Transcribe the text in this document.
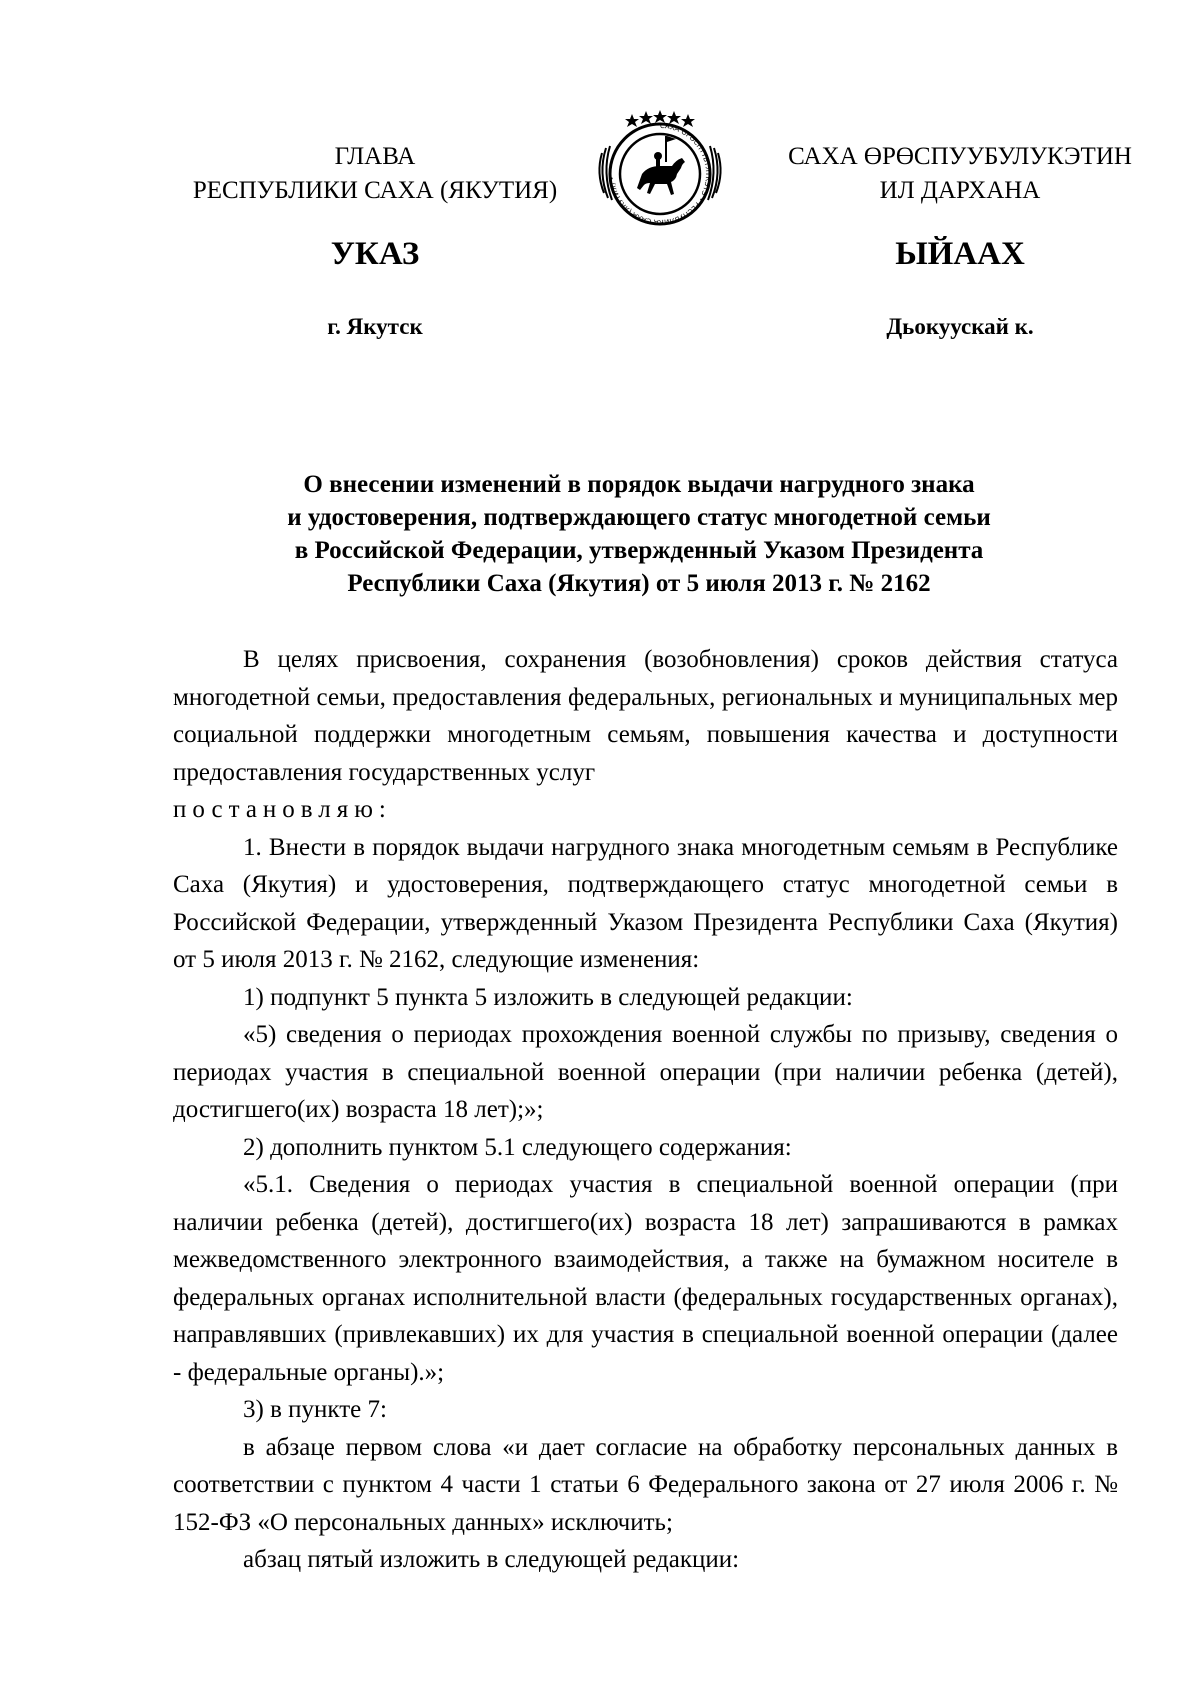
ГЛАВА
РЕСПУБЛИКИ САХА (ЯКУТИЯ)
САХА ӨРӨСПҮҮБҮЛҮКЭТЭ • РЕСПУБЛИКА САХА (ЯКУТИЯ) •
САХА ӨРӨСПУУБУЛУКЭТИН
ИЛ ДАРХАНА
УКАЗ	ЫЙААХ
г. Якутск	Дьокуускай к.
О внесении изменений в порядок выдачи нагрудного знака
и удостоверения, подтверждающего статус многодетной семьи
в Российской Федерации, утвержденный Указом Президента
Республики Саха (Якутия) от 5 июля 2013 г. № 2162

В целях присвоения, сохранения (возобновления) сроков действия статуса многодетной семьи, предоставления федеральных, региональных и муниципальных мер социальной поддержки многодетным семьям, повышения качества и доступности предоставления государственных услуг

постановляю:

1. Внести в порядок выдачи нагрудного знака многодетным семьям в Республике Саха (Якутия) и удостоверения, подтверждающего статус многодетной семьи в Российской Федерации, утвержденный Указом Президента Республики Саха (Якутия) от 5 июля 2013 г. № 2162, следующие изменения:

1) подпункт 5 пункта 5 изложить в следующей редакции:

«5) сведения о периодах прохождения военной службы по призыву, сведения о периодах участия в специальной военной операции (при наличии ребенка (детей), достигшего(их) возраста 18 лет);»;

2) дополнить пунктом 5.1 следующего содержания:

«5.1. Сведения о периодах участия в специальной военной операции (при наличии ребенка (детей), достигшего(их) возраста 18 лет) запрашиваются в рамках межведомственного электронного взаимодействия, а также на бумажном носителе в федеральных органах исполнительной власти (федеральных государственных органах), направлявших (привлекавших) их для участия в специальной военной операции (далее - федеральные органы).»;

3) в пункте 7:

в абзаце первом слова «и дает согласие на обработку персональных данных в соответствии с пунктом 4 части 1 статьи 6 Федерального закона от 27 июля 2006 г. № 152-ФЗ «О персональных данных» исключить;

абзац пятый изложить в следующей редакции:
